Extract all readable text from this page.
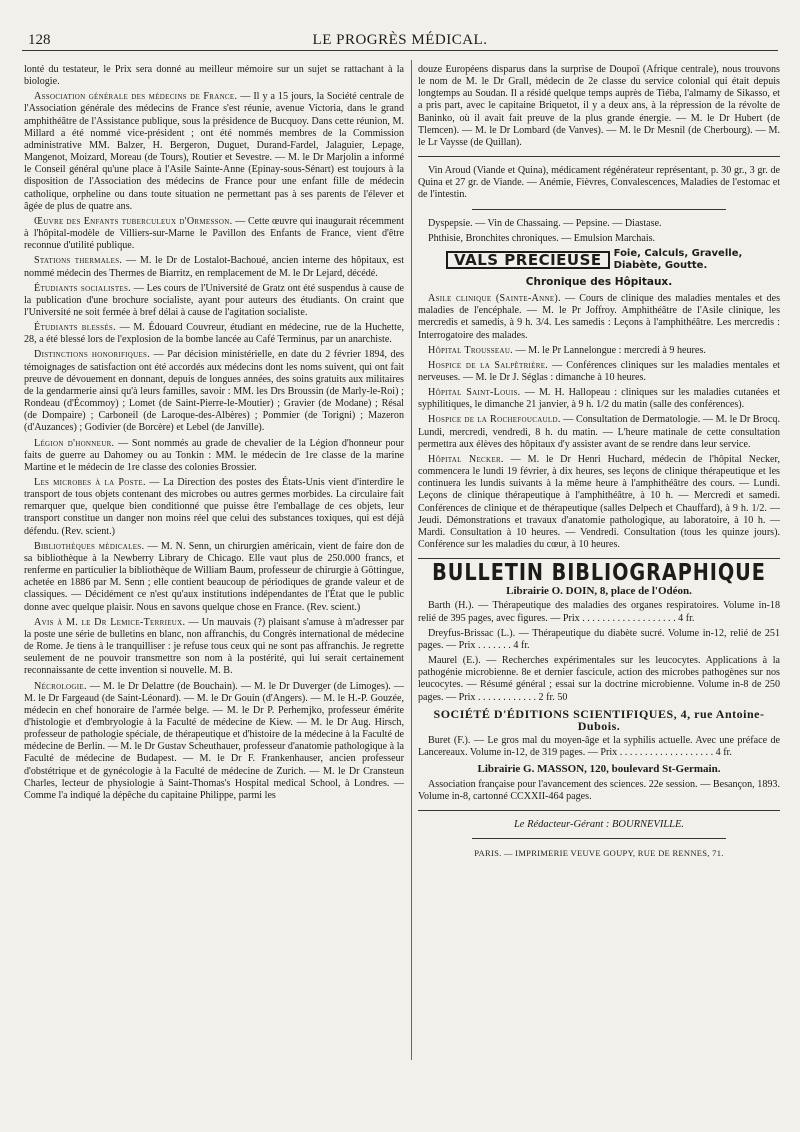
128	LE PROGRÈS MÉDICAL.

lonté du testateur, le Prix sera donné au meilleur mémoire sur un sujet se rattachant à la biologie.

Association générale des médecins de France. — Il y a 15 jours, la Société centrale de l'Association générale des médecins de France s'est réunie, avenue Victoria, dans le grand amphithéâtre de l'Assistance publique, sous la présidence de Bucquoy. Dans cette réunion, M. Millard a été nommé vice-président ; ont été nommés membres de la Commission administrative MM. Balzer, H. Bergeron, Duguet, Durand-Fardel, Jalaguier, Lepage, Mangenot, Moizard, Moreau (de Tours), Routier et Sevestre. — M. le Dr Marjolin a informé le Conseil général qu'une place à l'Asile Sainte-Anne (Epinay-sous-Sénart) est toujours à la disposition de l'Association des médecins de France pour une enfant fille de médecin catholique, orpheline ou dans toute situation ne permettant pas à ses parents de l'élever et âgée de plus de quatre ans.

Œuvre des Enfants tuberculeux d'Ormesson. — Cette œuvre qui inaugurait récemment à l'hôpital-modèle de Villiers-sur-Marne le Pavillon des Enfants de France, vient d'être reconnue d'utilité publique.

Stations thermales. — M. le Dr de Lostalot-Bachoué, ancien interne des hôpitaux, est nommé médecin des Thermes de Biarritz, en remplacement de M. le Dr Lejard, décédé.

Étudiants socialistes. — Les cours de l'Université de Gratz ont été suspendus à cause de la publication d'une brochure socialiste, ayant pour auteurs des étudiants. On craint que l'Université ne soit fermée à bref délai à cause de l'agitation socialiste.

Étudiants blessés. — M. Édouard Couvreur, étudiant en médecine, rue de la Huchette, 28, a été blessé lors de l'explosion de la bombe lancée au Café Terminus, par un anarchiste.

Distinctions honorifiques. — Par décision ministérielle, en date du 2 février 1894, des témoignages de satisfaction ont été accordés aux médecins dont les noms suivent, qui ont fait preuve de dévouement en donnant, depuis de longues années, des soins gratuits aux militaires de la gendarmerie ainsi qu'à leurs familles, savoir : MM. les Drs Broussin (de Marly-le-Roi) ; Rondeau (d'Écommoy) ; Lomet (de Saint-Pierre-le-Moutier) ; Gravier (de Modane) ; Résal (de Dompaire) ; Carboneil (de Laroque-des-Albères) ; Pommier (de Torigni) ; Mazeron (d'Auzances) ; Godivier (de Borcère) et Lebel (de Janville).

Légion d'honneur. — Sont nommés au grade de chevalier de la Légion d'honneur pour faits de guerre au Dahomey ou au Tonkin : MM. le médecin de 1re classe de la marine Martine et le médecin de 1re classe des colonies Brossier.

Les microbes à la Poste. — La Direction des postes des États-Unis vient d'interdire le transport de tous objets contenant des microbes ou autres germes morbides. La circulaire fait remarquer que, quelque bien conditionné que puisse être l'emballage de ces objets, leur transport constitue un danger non moins réel que celui des substances toxiques, qui est déjà défendu. (Rev. scient.)

Bibliothèques médicales. — M. N. Senn, un chirurgien américain, vient de faire don de sa bibliothèque à la Newberry Library de Chicago. Elle vaut plus de 250.000 francs, et renferme en particulier la bibliothèque de William Baum, professeur de chirurgie à Göttingue, achetée en 1886 par M. Senn ; elle contient beaucoup de périodiques de grande valeur et de classiques. — Décidément ce n'est qu'aux institutions indépendantes de l'État que le public donne avec quelque plaisir. Nous en savons quelque chose en France. (Rev. scient.)

Avis à M. le Dr Lemice-Terrieux. — Un mauvais (?) plaisant s'amuse à m'adresser par la poste une série de bulletins en blanc, non affranchis, du Congrès international de médecine de Rome. Je tiens à le tranquilliser : je refuse tous ceux qui ne sont pas affranchis. Je regrette seulement de ne pouvoir transmettre son nom à la postérité, qui lui serait certainement reconnaissante de cette invention si nouvelle. M. B.

Nécrologie. — M. le Dr Delattre (de Bouchain). — M. le Dr Duverger (de Limoges). — M. le Dr Fargeaud (de Saint-Léonard). — M. le Dr Gouin (d'Angers). — M. le H.-P. Gouzée, médecin en chef honoraire de l'armée belge. — M. le Dr P. Perhemjko, professeur émérite d'histologie et d'embryologie à la Faculté de médecine de Kiew. — M. le Dr Aug. Hirsch, professeur de pathologie spéciale, de thérapeutique et d'histoire de la médecine à la Faculté de médecine de Berlin. — M. le Dr Gustav Scheuthauer, professeur d'anatomie pathologique à la Faculté de médecine de Budapest. — M. le Dr F. Frankenhauser, ancien professeur d'obstétrique et de gynécologie à la Faculté de médecine de Zurich. — M. le Dr Cransteun Charles, lecteur de physiologie à Saint-Thomas's Hospital medical School, à Londres. — Comme l'a indiqué la dépêche du capitaine Philippe, parmi les

douze Européens disparus dans la surprise de Doupoï (Afrique centrale), nous trouvons le nom de M. le Dr Grall, médecin de 2e classe du service colonial qui était depuis longtemps au Soudan. Il a résidé quelque temps auprès de Tiéba, l'almamy de Sikasso, et a pris part, avec le capitaine Briquetot, il y a deux ans, à la répression de la révolte de Baninko, où il avait fait preuve de la plus grande énergie. — M. le Dr Hubert (de Tlemcen). — M. le Dr Lombard (de Vanves). — M. le Dr Mesnil (de Cherbourg). — M. le Lr Vaysse (de Quillan).

Vin Aroud (Viande et Quina), médicament régénérateur représentant, p. 30 gr., 3 gr. de Quina et 27 gr. de Viande. — Anémie, Fièvres, Convalescences, Maladies de l'estomac et de l'intestin.

Dyspepsie. — Vin de Chassaing. — Pepsine. — Diastase.

Phthisie, Bronchites chroniques. — Emulsion Marchais.

VALS PRÉCIEUSE	Foie, Calculs, Gravelle,
Diabète, Goutte.
Chronique des Hôpitaux.

Asile clinique (Sainte-Anne). — Cours de clinique des maladies mentales et des maladies de l'encéphale. — M. le Pr Joffroy. Amphithéâtre de l'Asile clinique, les mercredis et samedis, à 9 h. 3/4. Les samedis : Leçons à l'amphithéâtre. Les mercredis : Interrogatoire des malades.

Hôpital Trousseau. — M. le Pr Lannelongue : mercredi à 9 heures.

Hospice de la Salpêtrière. — Conférences cliniques sur les maladies mentales et nerveuses. — M. le Dr J. Séglas : dimanche à 10 heures.

Hôpital Saint-Louis. — M. H. Hallopeau : cliniques sur les maladies cutanées et syphilitiques, le dimanche 21 janvier, à 9 h. 1/2 du matin (salle des conférences).

Hospice de la Rochefoucauld. — Consultation de Dermatologie. — M. le Dr Brocq. Lundi, mercredi, vendredi, 8 h. du matin. — L'heure matinale de cette consultation permettra aux élèves des hôpitaux d'y assister avant de se rendre dans leur service.

Hôpital Necker. — M. le Dr Henri Huchard, médecin de l'hôpital Necker, commencera le lundi 19 février, à dix heures, ses leçons de clinique thérapeutique et les continuera les lundis suivants à la même heure à l'amphithéâtre des cours. — Lundi. Leçons de clinique thérapeutique à l'amphithéâtre, à 10 h. — Mercredi et samedi. Conférences de clinique et de thérapeutique (salles Delpech et Chauffard), à 9 h. 1/2. — Jeudi. Démonstrations et travaux d'anatomie pathologique, au laboratoire, à 10 h. — Mardi. Consultation à 10 heures. — Vendredi. Consultation (tous les quinze jours). Conférence sur les maladies du cœur, à 10 heures.

BULLETIN BIBLIOGRAPHIQUE
Librairie O. DOIN, 8, place de l'Odéon.

Barth (H.). — Thérapeutique des maladies des organes respiratoires. Volume in-18 relié de 395 pages, avec figures. — Prix . . . . . . . . . . . . . . . . . . . 4 fr.

Dreyfus-Brissac (L.). — Thérapeutique du diabète sucré. Volume in-12, relié de 251 pages. — Prix . . . . . . . 4 fr.

Maurel (E.). — Recherches expérimentales sur les leucocytes. Applications à la pathogénie microbienne. 8e et dernier fascicule, action des microbes pathogènes sur nos leucocytes. — Résumé général ; essai sur la doctrine microbienne. Volume in-8 de 250 pages. — Prix . . . . . . . . . . . . 2 fr. 50

SOCIÉTÉ D'ÉDITIONS SCIENTIFIQUES, 4, rue Antoine-Dubois.

Buret (F.). — Le gros mal du moyen-âge et la syphilis actuelle. Avec une préface de Lancereaux. Volume in-12, de 319 pages. — Prix . . . . . . . . . . . . . . . . . . . 4 fr.

Librairie G. MASSON, 120, boulevard St-Germain.

Association française pour l'avancement des sciences. 22e session. — Besançon, 1893. Volume in-8, cartonné CCXXII-464 pages.

Le Rédacteur-Gérant : BOURNEVILLE.
PARIS. — IMPRIMERIE VEUVE GOUPY, RUE DE RENNES, 71.
